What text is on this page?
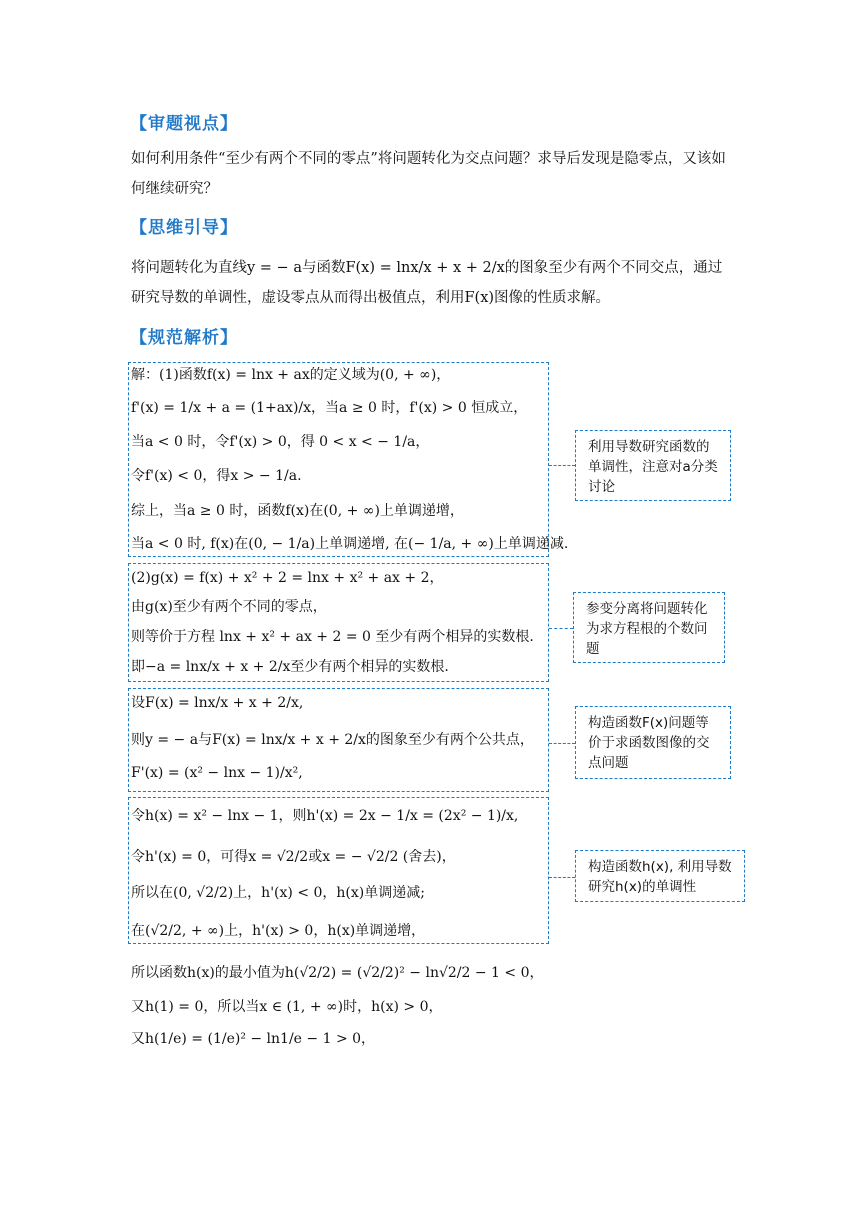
【审题视点】
如何利用条件“至少有两个不同的零点”将问题转化为交点问题？求导后发现是隐零点，又该如何继续研究？
【思维引导】
将问题转化为直线y = − a与函数F(x) = lnx/x + x + 2/x的图象至少有两个不同交点，通过研究导数的单调性，虚设零点从而得出极值点，利用F(x)图像的性质求解。
【规范解析】
解：(1)函数f(x) = lnx + ax的定义域为(0, + ∞)，
f'(x) = 1/x + a = (1+ax)/x，当a ≥ 0 时，f'(x) > 0 恒成立，
当a < 0 时，令f'(x) > 0，得 0 < x < − 1/a，
令f'(x) < 0，得x > − 1/a.
综上，当a ≥ 0 时，函数f(x)在(0, + ∞)上单调递增，
当a < 0 时, f(x)在(0, − 1/a)上单调递增, 在(− 1/a, + ∞)上单调递减.
(2)g(x) = f(x) + x² + 2 = lnx + x² + ax + 2，
由g(x)至少有两个不同的零点，
则等价于方程 lnx + x² + ax + 2 = 0 至少有两个相异的实数根.
即−a = lnx/x + x + 2/x至少有两个相异的实数根.
设F(x) = lnx/x + x + 2/x,
则y = − a与F(x) = lnx/x + x + 2/x的图象至少有两个公共点，
F'(x) = (x² − lnx − 1)/x²,
令h(x) = x² − lnx − 1，则h'(x) = 2x − 1/x = (2x² − 1)/x,
令h'(x) = 0，可得x = √2/2或x = − √2/2 (舍去)，
所以在(0, √2/2)上，h'(x) < 0，h(x)单调递减;
在(√2/2, + ∞)上，h'(x) > 0，h(x)单调递增，
所以函数h(x)的最小值为h(√2/2) = (√2/2)² − ln√2/2 − 1 < 0，
又h(1) = 0，所以当x ∈ (1, + ∞)时，h(x) > 0，
又h(1/e) = (1/e)² − ln1/e − 1 > 0，
利用导数研究函数的单调性，注意对a分类讨论
参变分离将问题转化为求方程根的个数问题
构造函数F(x)问题等价于求函数图像的交点问题
构造函数h(x), 利用导数研究h(x)的单调性
